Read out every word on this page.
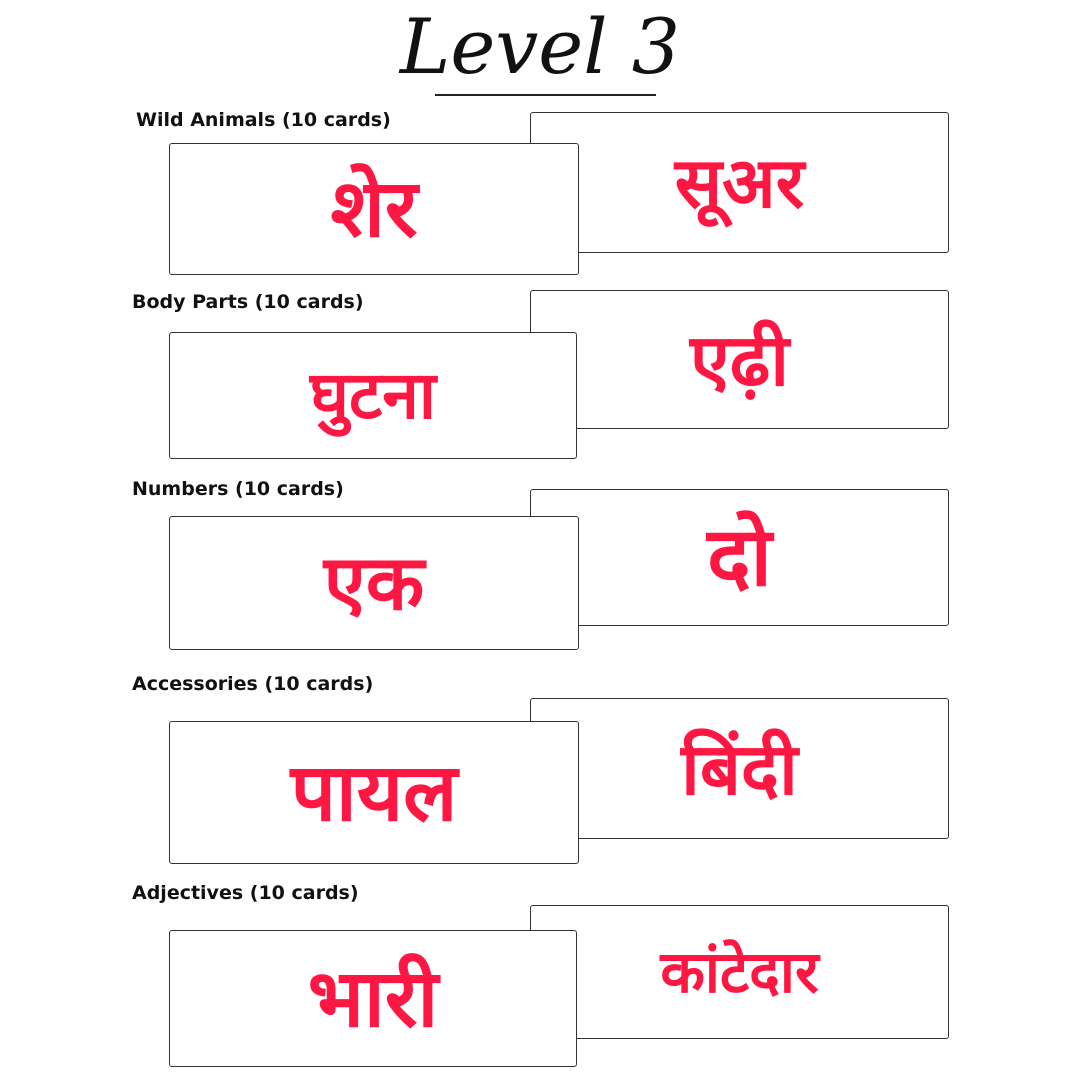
Level 3
Wild Animals (10 cards)
सूअर
शेर
Body Parts (10 cards)
एढ़ी
घुटना
Numbers (10 cards)
दो
एक
Accessories (10 cards)
बिंदी
पायल
Adjectives (10 cards)
कांटेदार
भारी
